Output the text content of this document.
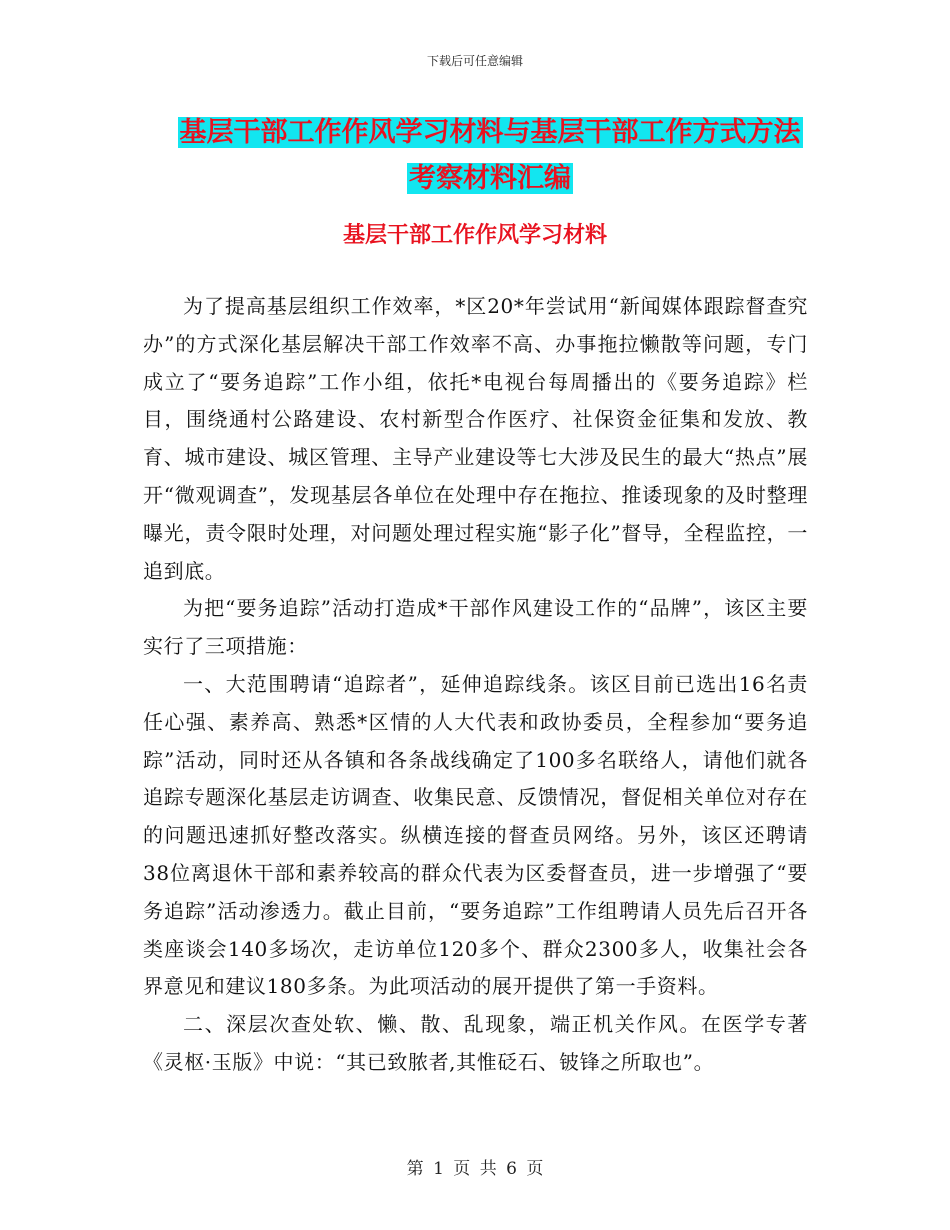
下载后可任意编辑
基层干部工作作风学习材料与基层干部工作方式方法
考察材料汇编
基层干部工作作风学习材料

为了提高基层组织工作效率，*区20*年尝试用“新闻媒体跟踪督查究办”的方式深化基层解决干部工作效率不高、办事拖拉懒散等问题，专门成立了“要务追踪”工作小组，依托*电视台每周播出的《要务追踪》栏目，围绕通村公路建设、农村新型合作医疗、社保资金征集和发放、教育、城市建设、城区管理、主导产业建设等七大涉及民生的最大“热点”展开“微观调查”，发现基层各单位在处理中存在拖拉、推诿现象的及时整理曝光，责令限时处理，对问题处理过程实施“影子化”督导，全程监控，一追到底。

为把“要务追踪”活动打造成*干部作风建设工作的“品牌”，该区主要实行了三项措施：

一、大范围聘请“追踪者”，延伸追踪线条。该区目前已选出16名责任心强、素养高、熟悉*区情的人大代表和政协委员，全程参加“要务追踪”活动，同时还从各镇和各条战线确定了100多名联络人，请他们就各追踪专题深化基层走访调查、收集民意、反馈情况，督促相关单位对存在的问题迅速抓好整改落实。纵横连接的督查员网络。另外，该区还聘请38位离退休干部和素养较高的群众代表为区委督查员，进一步增强了“要务追踪”活动渗透力。截止目前，“要务追踪”工作组聘请人员先后召开各类座谈会140多场次，走访单位120多个、群众2300多人，收集社会各界意见和建议180多条。为此项活动的展开提供了第一手资料。

二、深层次查处软、懒、散、乱现象，端正机关作风。在医学专著《灵枢·玉版》中说：“其已致脓者,其惟砭石、铍锋之所取也”。

第 1 页 共 6 页
